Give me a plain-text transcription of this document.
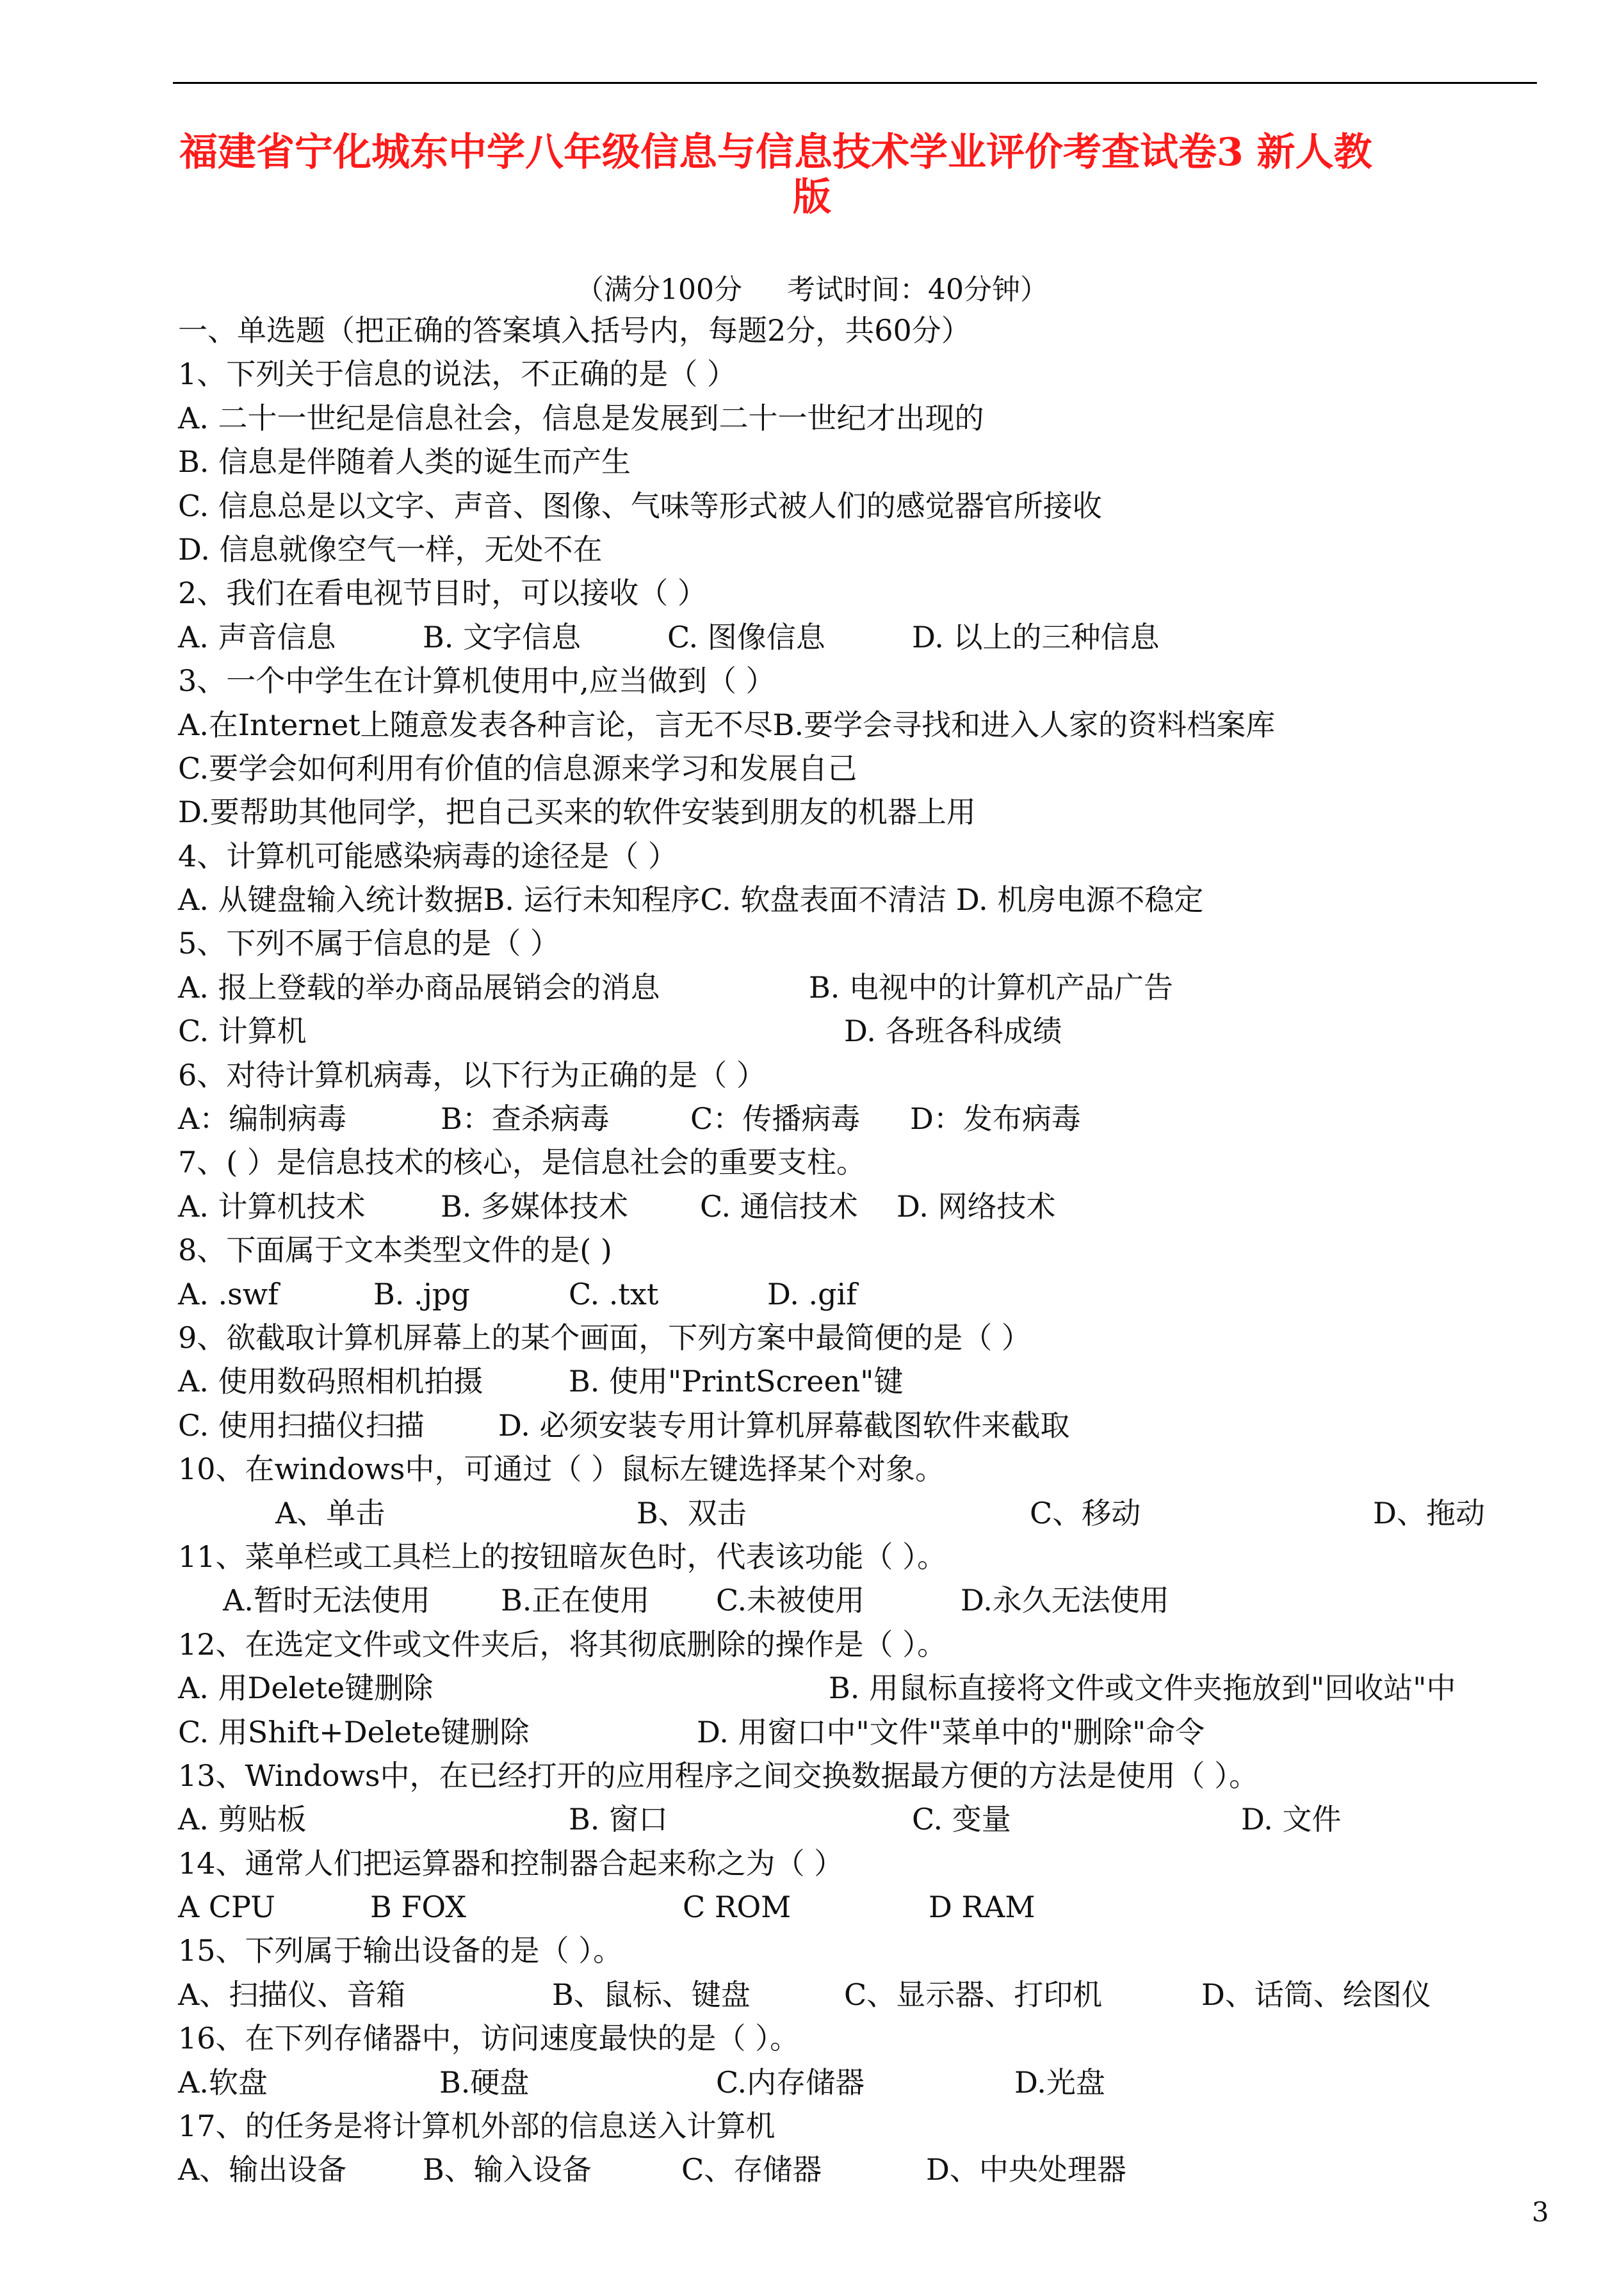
福建省宁化城东中学八年级信息与信息技术学业评价考查试卷3 新人教
版
（满分100分     考试时间：40分钟）
一、单选题（把正确的答案填入括号内，每题2分，共60分）
1、下列关于信息的说法，不正确的是（ ）
A. 二十一世纪是信息社会，信息是发展到二十一世纪才出现的
B. 信息是伴随着人类的诞生而产生
C. 信息总是以文字、声音、图像、气味等形式被人们的感觉器官所接收
D. 信息就像空气一样，无处不在
2、我们在看电视节目时，可以接收（ ）
A. 声音信息	B. 文字信息	C. 图像信息	D. 以上的三种信息
3、一个中学生在计算机使用中,应当做到（ ）
A.在Internet上随意发表各种言论，言无不尽B.要学会寻找和进入人家的资料档案库
C.要学会如何利用有价值的信息源来学习和发展自己
D.要帮助其他同学，把自己买来的软件安装到朋友的机器上用
4、计算机可能感染病毒的途径是（ ）
A. 从键盘输入统计数据B. 运行未知程序C. 软盘表面不清洁 D. 机房电源不稳定
5、下列不属于信息的是（ ）
A. 报上登载的举办商品展销会的消息	B. 电视中的计算机产品广告
C. 计算机	D. 各班各科成绩
6、对待计算机病毒，以下行为正确的是（ ）
A：编制病毒	B：查杀病毒	C：传播病毒 D：发布病毒
7、( ）是信息技术的核心，是信息社会的重要支柱。
A. 计算机技术	B. 多媒体技术 C. 通信技术 D. 网络技术
8、下面属于文本类型文件的是( )
A. .swf	B. .jpg	C. .txt	D. .gif
9、欲截取计算机屏幕上的某个画面，下列方案中最简便的是（ ）
A. 使用数码照相机拍摄	B. 使用"PrintScreen"键
C. 使用扫描仪扫描	D. 必须安装专用计算机屏幕截图软件来截取
10、在windows中，可通过（ ）鼠标左键选择某个对象。
A、单击	B、双击	C、移动	D、拖动
11、菜单栏或工具栏上的按钮暗灰色时，代表该功能（ ）。
A.暂时无法使用 B.正在使用 C.未被使用	D.永久无法使用
12、在选定文件或文件夹后，将其彻底删除的操作是（ ）。
A. 用Delete键删除	B. 用鼠标直接将文件或文件夹拖放到"回收站"中
C. 用Shift+Delete键删除	D. 用窗口中"文件"菜单中的"删除"命令
13、Windows中，在已经打开的应用程序之间交换数据最方便的方法是使用（ ）。
A. 剪贴板	B. 窗口	C. 变量	D. 文件
14、通常人们把运算器和控制器合起来称之为（ ）
A CPU	B FOX	C ROM	D RAM
15、下列属于输出设备的是（ ）。
A、扫描仪、音箱	B、鼠标、键盘	C、显示器、打印机	D、话筒、绘图仪
16、在下列存储器中，访问速度最快的是（ ）。
A.软盘	B.硬盘	C.内存储器	D.光盘
17、的任务是将计算机外部的信息送入计算机
A、输出设备	B、输入设备	C、存储器	D、中央处理器
3
